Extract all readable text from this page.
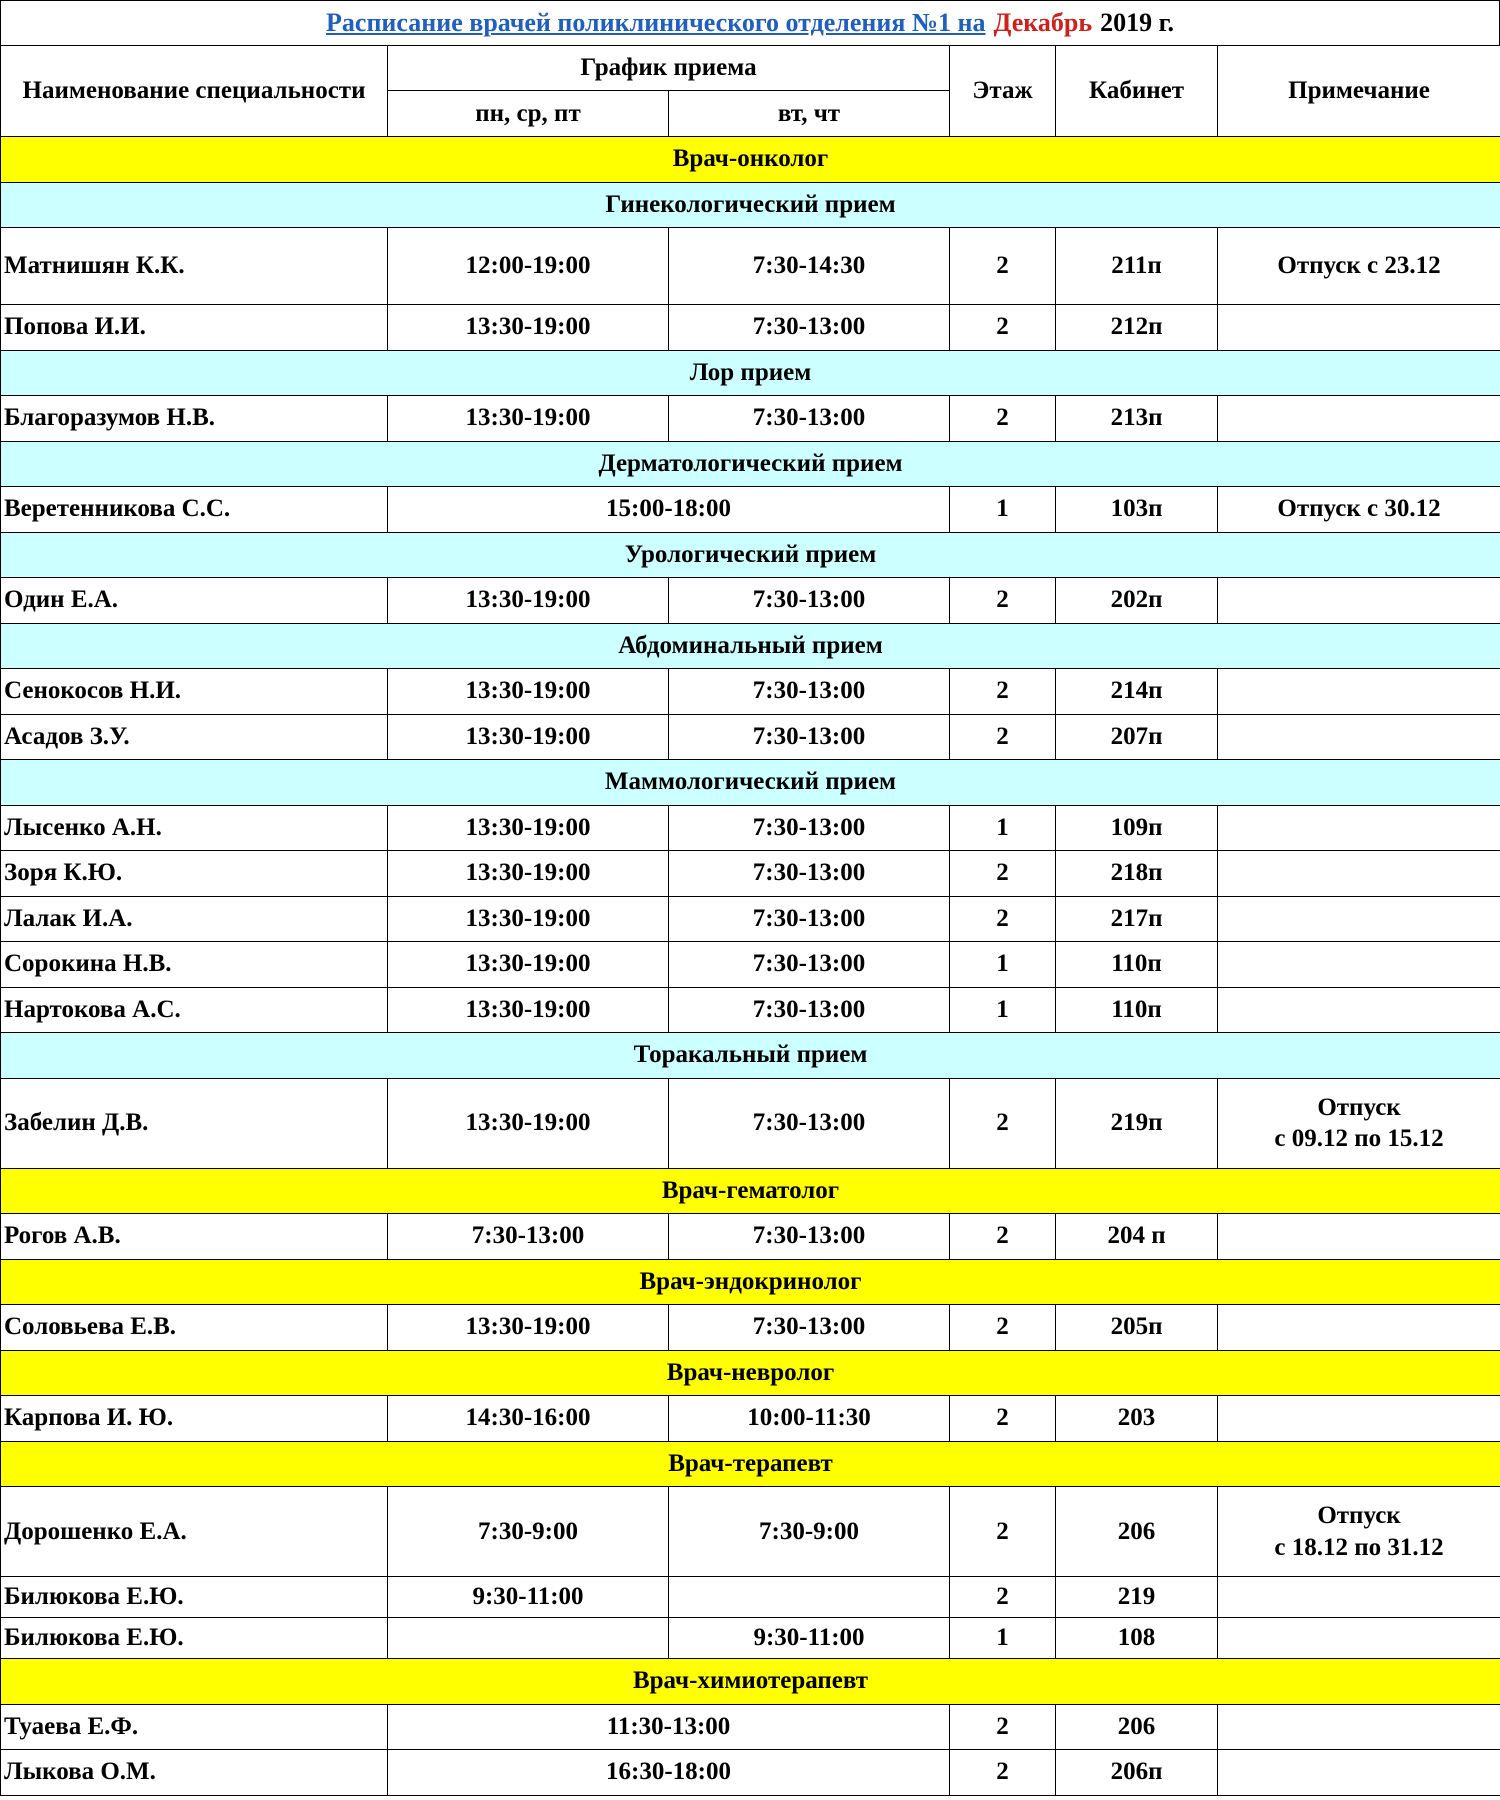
Расписание врачей поликлинического отделения №1 на Декабрь 2019 г.
Наименование специальности	График приема		Этаж	Кабинет	Примечание
	пн, ср, пт	вт, чт			
Врач-онколог					
Гинекологический прием					
Матнишян К.К.	12:00-19:00	7:30-14:30	2	211п	Отпуск с 23.12
Попова И.И.	13:30-19:00	7:30-13:00	2	212п	
Лор прием					
Благоразумов Н.В.	13:30-19:00	7:30-13:00	2	213п	
Дерматологический прием					
Веретенникова С.С.	15:00-18:00		1	103п	Отпуск с 30.12
Урологический прием					
Один Е.А.	13:30-19:00	7:30-13:00	2	202п	
Абдоминальный прием					
Сенокосов Н.И.	13:30-19:00	7:30-13:00	2	214п	
Асадов З.У.	13:30-19:00	7:30-13:00	2	207п	
Маммологический прием					
Лысенко А.Н.	13:30-19:00	7:30-13:00	1	109п	
Зоря К.Ю.	13:30-19:00	7:30-13:00	2	218п	
Лалак И.А.	13:30-19:00	7:30-13:00	2	217п	
Сорокина Н.В.	13:30-19:00	7:30-13:00	1	110п	
Нартокова А.С.	13:30-19:00	7:30-13:00	1	110п	
Торакальный прием					
Забелин Д.В.	13:30-19:00	7:30-13:00	2	219п	Отпуск
с 09.12 по 15.12

Врач-гематолог					
Рогов А.В.	7:30-13:00	7:30-13:00	2	204 п	
Врач-эндокринолог					
Соловьева Е.В.	13:30-19:00	7:30-13:00	2	205п	
Врач-невролог					
Карпова И. Ю.	14:30-16:00	10:00-11:30	2	203	
Врач-терапевт					
Дорошенко Е.А.	7:30-9:00	7:30-9:00	2	206	Отпуск
с 18.12 по 31.12

Билюкова Е.Ю.	9:30-11:00		2	219	
Билюкова Е.Ю.		9:30-11:00	1	108	
Врач-химиотерапевт					
Туаева Е.Ф.	11:30-13:00		2	206	
Лыкова О.М.	16:30-18:00		2	206п	
